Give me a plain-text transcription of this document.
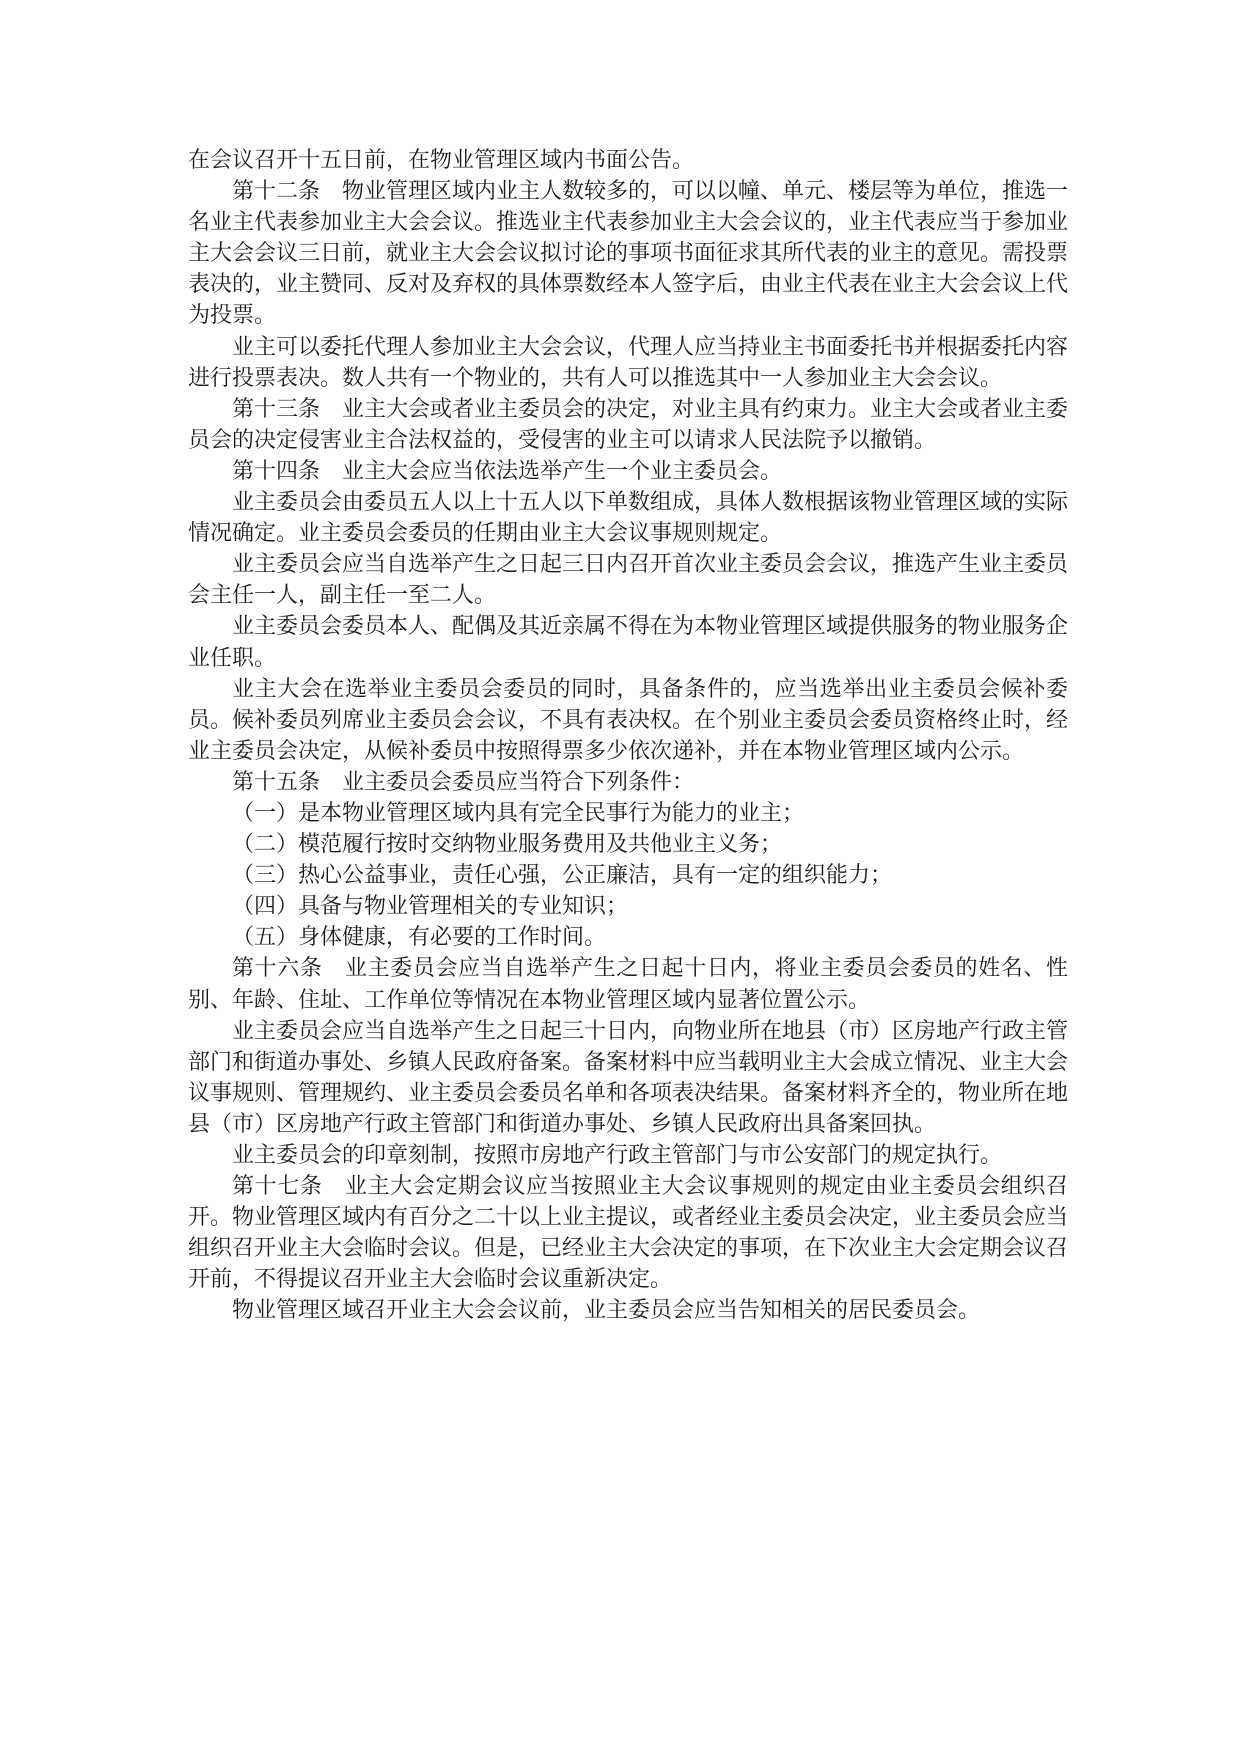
在会议召开十五日前，在物业管理区域内书面公告。

第十二条　物业管理区域内业主人数较多的，可以以幢、单元、楼层等为单位，推选一名业主代表参加业主大会会议。推选业主代表参加业主大会会议的，业主代表应当于参加业主大会会议三日前，就业主大会会议拟讨论的事项书面征求其所代表的业主的意见。需投票表决的，业主赞同、反对及弃权的具体票数经本人签字后，由业主代表在业主大会会议上代为投票。

业主可以委托代理人参加业主大会会议，代理人应当持业主书面委托书并根据委托内容进行投票表决。数人共有一个物业的，共有人可以推选其中一人参加业主大会会议。

第十三条　业主大会或者业主委员会的决定，对业主具有约束力。业主大会或者业主委员会的决定侵害业主合法权益的，受侵害的业主可以请求人民法院予以撤销。

第十四条　业主大会应当依法选举产生一个业主委员会。

业主委员会由委员五人以上十五人以下单数组成，具体人数根据该物业管理区域的实际情况确定。业主委员会委员的任期由业主大会议事规则规定。

业主委员会应当自选举产生之日起三日内召开首次业主委员会会议，推选产生业主委员会主任一人，副主任一至二人。

业主委员会委员本人、配偶及其近亲属不得在为本物业管理区域提供服务的物业服务企业任职。

业主大会在选举业主委员会委员的同时，具备条件的，应当选举出业主委员会候补委员。候补委员列席业主委员会会议，不具有表决权。在个别业主委员会委员资格终止时，经业主委员会决定，从候补委员中按照得票多少依次递补，并在本物业管理区域内公示。

第十五条　业主委员会委员应当符合下列条件：

（一）是本物业管理区域内具有完全民事行为能力的业主；

（二）模范履行按时交纳物业服务费用及共他业主义务；

（三）热心公益事业，责任心强，公正廉洁，具有一定的组织能力；

（四）具备与物业管理相关的专业知识；

（五）身体健康，有必要的工作时间。

第十六条　业主委员会应当自选举产生之日起十日内，将业主委员会委员的姓名、性别、年龄、住址、工作单位等情况在本物业管理区域内显著位置公示。

业主委员会应当自选举产生之日起三十日内，向物业所在地县（市）区房地产行政主管部门和街道办事处、乡镇人民政府备案。备案材料中应当载明业主大会成立情况、业主大会议事规则、管理规约、业主委员会委员名单和各项表决结果。备案材料齐全的，物业所在地县（市）区房地产行政主管部门和街道办事处、乡镇人民政府出具备案回执。

业主委员会的印章刻制，按照市房地产行政主管部门与市公安部门的规定执行。

第十七条　业主大会定期会议应当按照业主大会议事规则的规定由业主委员会组织召开。物业管理区域内有百分之二十以上业主提议，或者经业主委员会决定，业主委员会应当组织召开业主大会临时会议。但是，已经业主大会决定的事项，在下次业主大会定期会议召开前，不得提议召开业主大会临时会议重新决定。

物业管理区域召开业主大会会议前，业主委员会应当告知相关的居民委员会。
